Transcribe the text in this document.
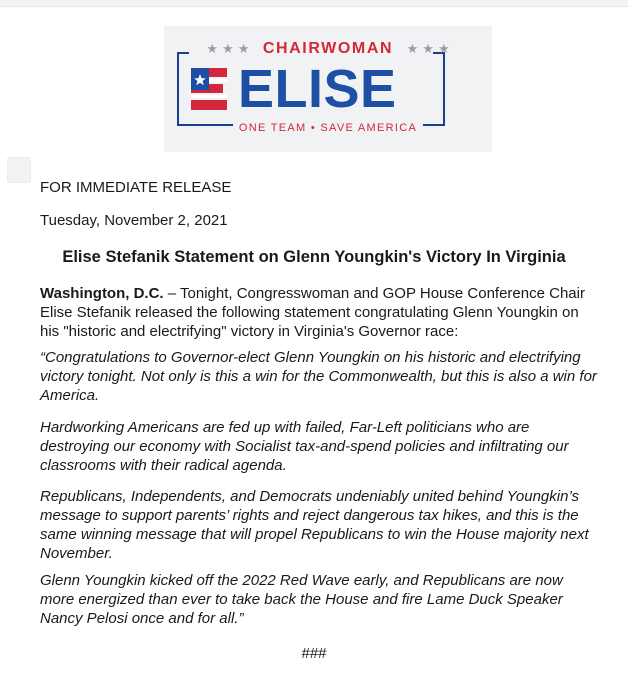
★ ★ ★ CHAIRWOMAN ★ ★ ★
ELISE
ONE TEAM • SAVE AMERICA
FOR IMMEDIATE RELEASE
Tuesday, November 2, 2021
Elise Stefanik Statement on Glenn Youngkin's Victory In Virginia
Washington, D.C. – Tonight, Congresswoman and GOP House Conference Chair Elise Stefanik released the following statement congratulating Glenn Youngkin on his "historic and electrifying" victory in Virginia's Governor race:
“Congratulations to Governor-elect Glenn Youngkin on his historic and electrifying victory tonight. Not only is this a win for the Commonwealth, but this is also a win for America.
Hardworking Americans are fed up with failed, Far-Left politicians who are destroying our economy with Socialist tax-and-spend policies and infiltrating our classrooms with their radical agenda.
Republicans, Independents, and Democrats undeniably united behind Youngkin’s message to support parents’ rights and reject dangerous tax hikes, and this is the same winning message that will propel Republicans to win the House majority next November.
Glenn Youngkin kicked off the 2022 Red Wave early, and Republicans are now more energized than ever to take back the House and fire Lame Duck Speaker Nancy Pelosi once and for all.”
###
